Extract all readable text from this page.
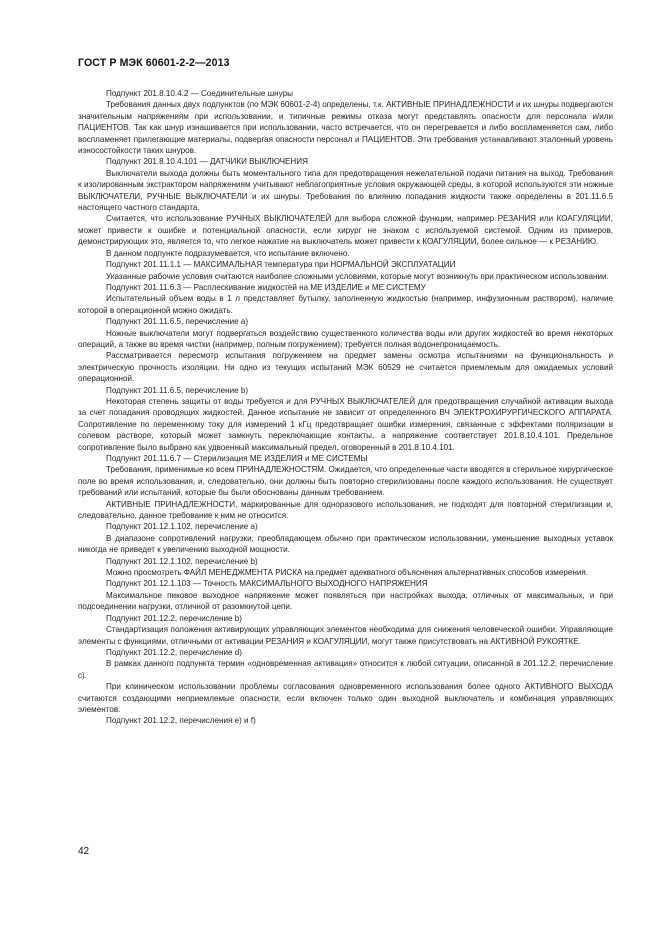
ГОСТ Р МЭК 60601-2-2—2013

Подпункт 201.8.10.4.2 — Соединительные шнуры

Требования данных двух подпунктов (по МЭК 60601-2-4) определены, т.к. АКТИВНЫЕ ПРИНАДЛЕЖНОСТИ и их шнуры подвергаются значительным напряжениям при использовании, и типичные режимы отказа могут представлять опасности для персонала и/или ПАЦИЕНТОВ. Так как шнур изнашивается при использовании, часто встречается, что он перегревается и либо воспламеняется сам, либо воспламеняет прилегающие материалы, подвергая опасности персонал и ПАЦИЕНТОВ. Эти требования устанавливают эталонный уровень износостойкости таких шнуров.

Подпункт 201.8.10.4.101 — ДАТЧИКИ ВЫКЛЮЧЕНИЯ

Выключатели выхода должны быть моментального типа для предотвращения нежелательной подачи питания на выход. Требования к изолированным экстрактором напряжениям учитывают неблагоприятные условия окружающей среды, в которой используются эти ножные ВЫКЛЮЧАТЕЛИ, РУЧНЫЕ ВЫКЛЮЧАТЕЛИ и их шнуры. Требования по влиянию попадания жидкости также определены в 201.11.6.5 настоящего частного стандарта.

Считается, что использование РУЧНЫХ ВЫКЛЮЧАТЕЛЕЙ для выбора сложной функции, например РЕЗАНИЯ или КОАГУЛЯЦИИ, может привести к ошибке и потенциальной опасности, если хирург не знаком с используемой системой. Одним из примеров, демонстрирующих это, является то, что легкое нажатие на выключатель может привести к КОАГУЛЯЦИИ, более сильное — к РЕЗАНИЮ.

В данном подпункте подразумевается, что испытание включено.

Подпункт 201.11.1.1 — МАКСИМАЛЬНАЯ температура при НОРМАЛЬНОЙ ЭКСПЛУАТАЦИИ

Указанные рабочие условия считаются наиболее сложными условиями, которые могут возникнуть при практическом использовании.

Подпункт 201.11.6.3 — Расплескивание жидкостей на МЕ ИЗДЕЛИЕ и МЕ СИСТЕМУ

Испытательный объем воды в 1 л представляет бутылку, заполненную жидкостью (например, инфузионным раствором), наличие которой в операционной можно ожидать.

Подпункт 201.11.6.5, перечисление а)

Ножные выключатели могут подвергаться воздействию существенного количества воды или других жидкостей во время некоторых операций, а также во время чистки (например, полным погружением); требуется полная водонепроницаемость.

Рассматривается пересмотр испытания погружением на предмет замены осмотра испытаниями на функциональность и электрическую прочность изоляции. Ни одно из текущих испытаний МЭК 60529 не считается приемлемым для ожидаемых условий операционной.

Подпункт 201.11.6.5, перечисление b)

Некоторая степень защиты от воды требуется и для РУЧНЫХ ВЫКЛЮЧАТЕЛЕЙ для предотвращения случайной активации выхода за счет попадания проводящих жидкостей. Данное испытание не зависит от определенного ВЧ ЭЛЕКТРОХИРУРГИЧЕСКОГО АППАРАТА. Сопротивление по переменному току для измерений 1 кГц предотвращает ошибки измерения, связанные с эффектами поляризации в солевом растворе, который может замкнуть переключающие контакты, а напряжение соответствует 201.8.10.4.101. Предельное сопротивление было выбрано как удвоенный максимальный предел, оговоренный в 201.8.10.4.101.

Подпункт 201.11.6.7 — Стерилизация МЕ ИЗДЕЛИЯ и МЕ СИСТЕМЫ

Требования, применимые ко всем ПРИНАДЛЕЖНОСТЯМ. Ожидается, что определенные части вводятся в стерильное хирургическое поле во время использования, и, следовательно, они должны быть повторно стерилизованы после каждого использования. Не существует требований или испытаний, которые бы были обоснованы данным требованием.

АКТИВНЫЕ ПРИНАДЛЕЖНОСТИ, маркированные для одноразового использования, не подходят для повторной стерилизации и, следовательно, данное требование к ним не относится.

Подпункт 201.12.1.102, перечисление а)

В диапазоне сопротивлений нагрузки, преобладающем обычно при практическом использовании, уменьшение выходных уставок никогда не приведет к увеличению выходной мощности.

Подпункт 201.12.1.102, перечисление b)

Можно просмотреть ФАЙЛ МЕНЕДЖМЕНТА РИСКА на предмет адекватного объяснения альтернативных способов измерения.

Подпункт 201.12.1.103 — Точность МАКСИМАЛЬНОГО ВЫХОДНОГО НАПРЯЖЕНИЯ

Максимальное пиковое выходное напряжение может появляться при настройках выхода, отличных от максимальных, и при подсоединении нагрузки, отличной от разомкнутой цепи.

Подпункт 201.12.2, перечисление b)

Стандартизация положения активирующих управляющих элементов необходима для снижения человеческой ошибки. Управляющие элементы с функциями, отличными от активации РЕЗАНИЯ и КОАГУЛЯЦИИ, могут также присутствовать на АКТИВНОЙ РУКОЯТКЕ.

Подпункт 201.12.2, перечисление d)

В рамках данного подпункта термин «одновременная активация» относится к любой ситуации, описанной в 201.12.2, перечисление с).

При клиническом использовании проблемы согласования одновременного использования более одного АКТИВНОГО ВЫХОДА считаются создающими неприемлемые опасности, если включен только один выходной выключатель и комбинация управляющих элементов.

Подпункт 201.12.2, перечисления е) и f)

42
